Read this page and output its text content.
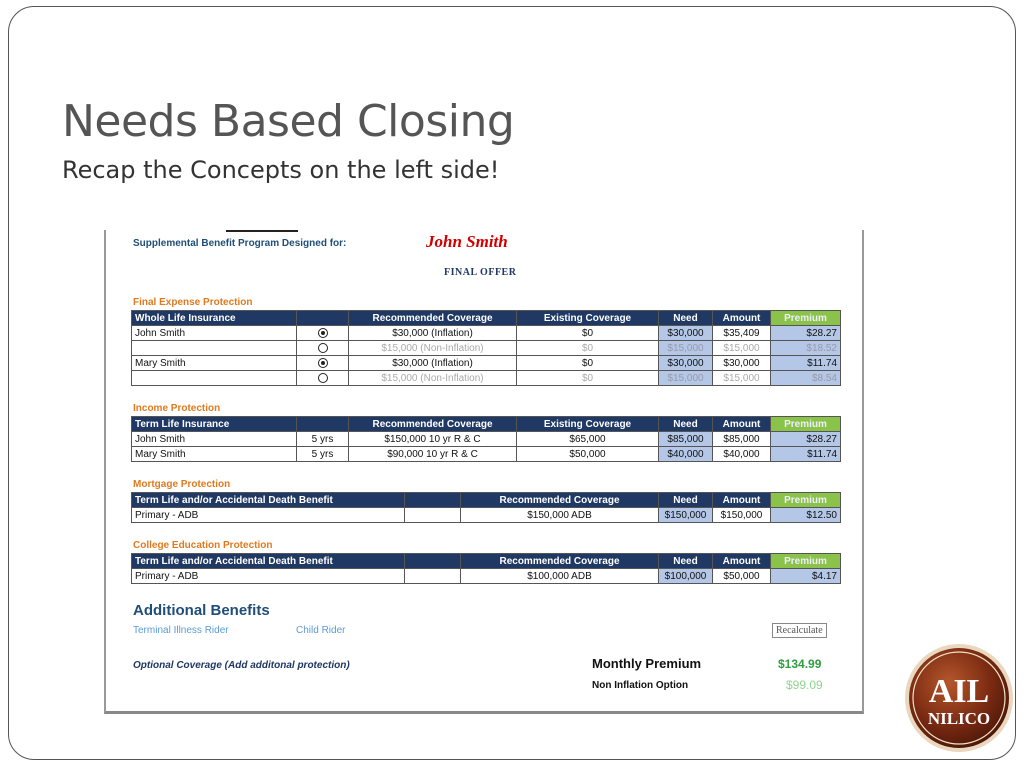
Needs Based Closing
Recap the Concepts on the left side!
Supplemental Benefit Program Designed for:	John Smith
FINAL OFFER
Final Expense Protection
Whole Life Insurance		Recommended Coverage	Existing Coverage	Need	Amount	Premium
John Smith		$30,000 (Inflation)	$0	$30,000	$35,409	$28.27
		$15,000 (Non-Inflation)	$0	$15,000	$15,000	$18.52
Mary Smith		$30,000 (Inflation)	$0	$30,000	$30,000	$11.74
		$15,000 (Non-Inflation)	$0	$15,000	$15,000	$8.54
Income Protection
Term Life Insurance		Recommended Coverage	Existing Coverage	Need	Amount	Premium
John Smith	5 yrs	$150,000 10 yr R & C	$65,000	$85,000	$85,000	$28.27
Mary Smith	5 yrs	$90,000 10 yr R & C	$50,000	$40,000	$40,000	$11.74
Mortgage Protection
Term Life and/or Accidental Death Benefit		Recommended Coverage	Need	Amount	Premium
Primary - ADB		$150,000 ADB	$150,000	$150,000	$12.50
College Education Protection
Term Life and/or Accidental Death Benefit		Recommended Coverage	Need	Amount	Premium
Primary - ADB		$100,000 ADB	$100,000	$50,000	$4.17
Additional Benefits
Terminal Illness Rider	Child Rider	Recalculate
Optional Coverage (Add additonal protection)	Monthly Premium	$134.99
Non Inflation Option	$99.09	AIL
NILICO
